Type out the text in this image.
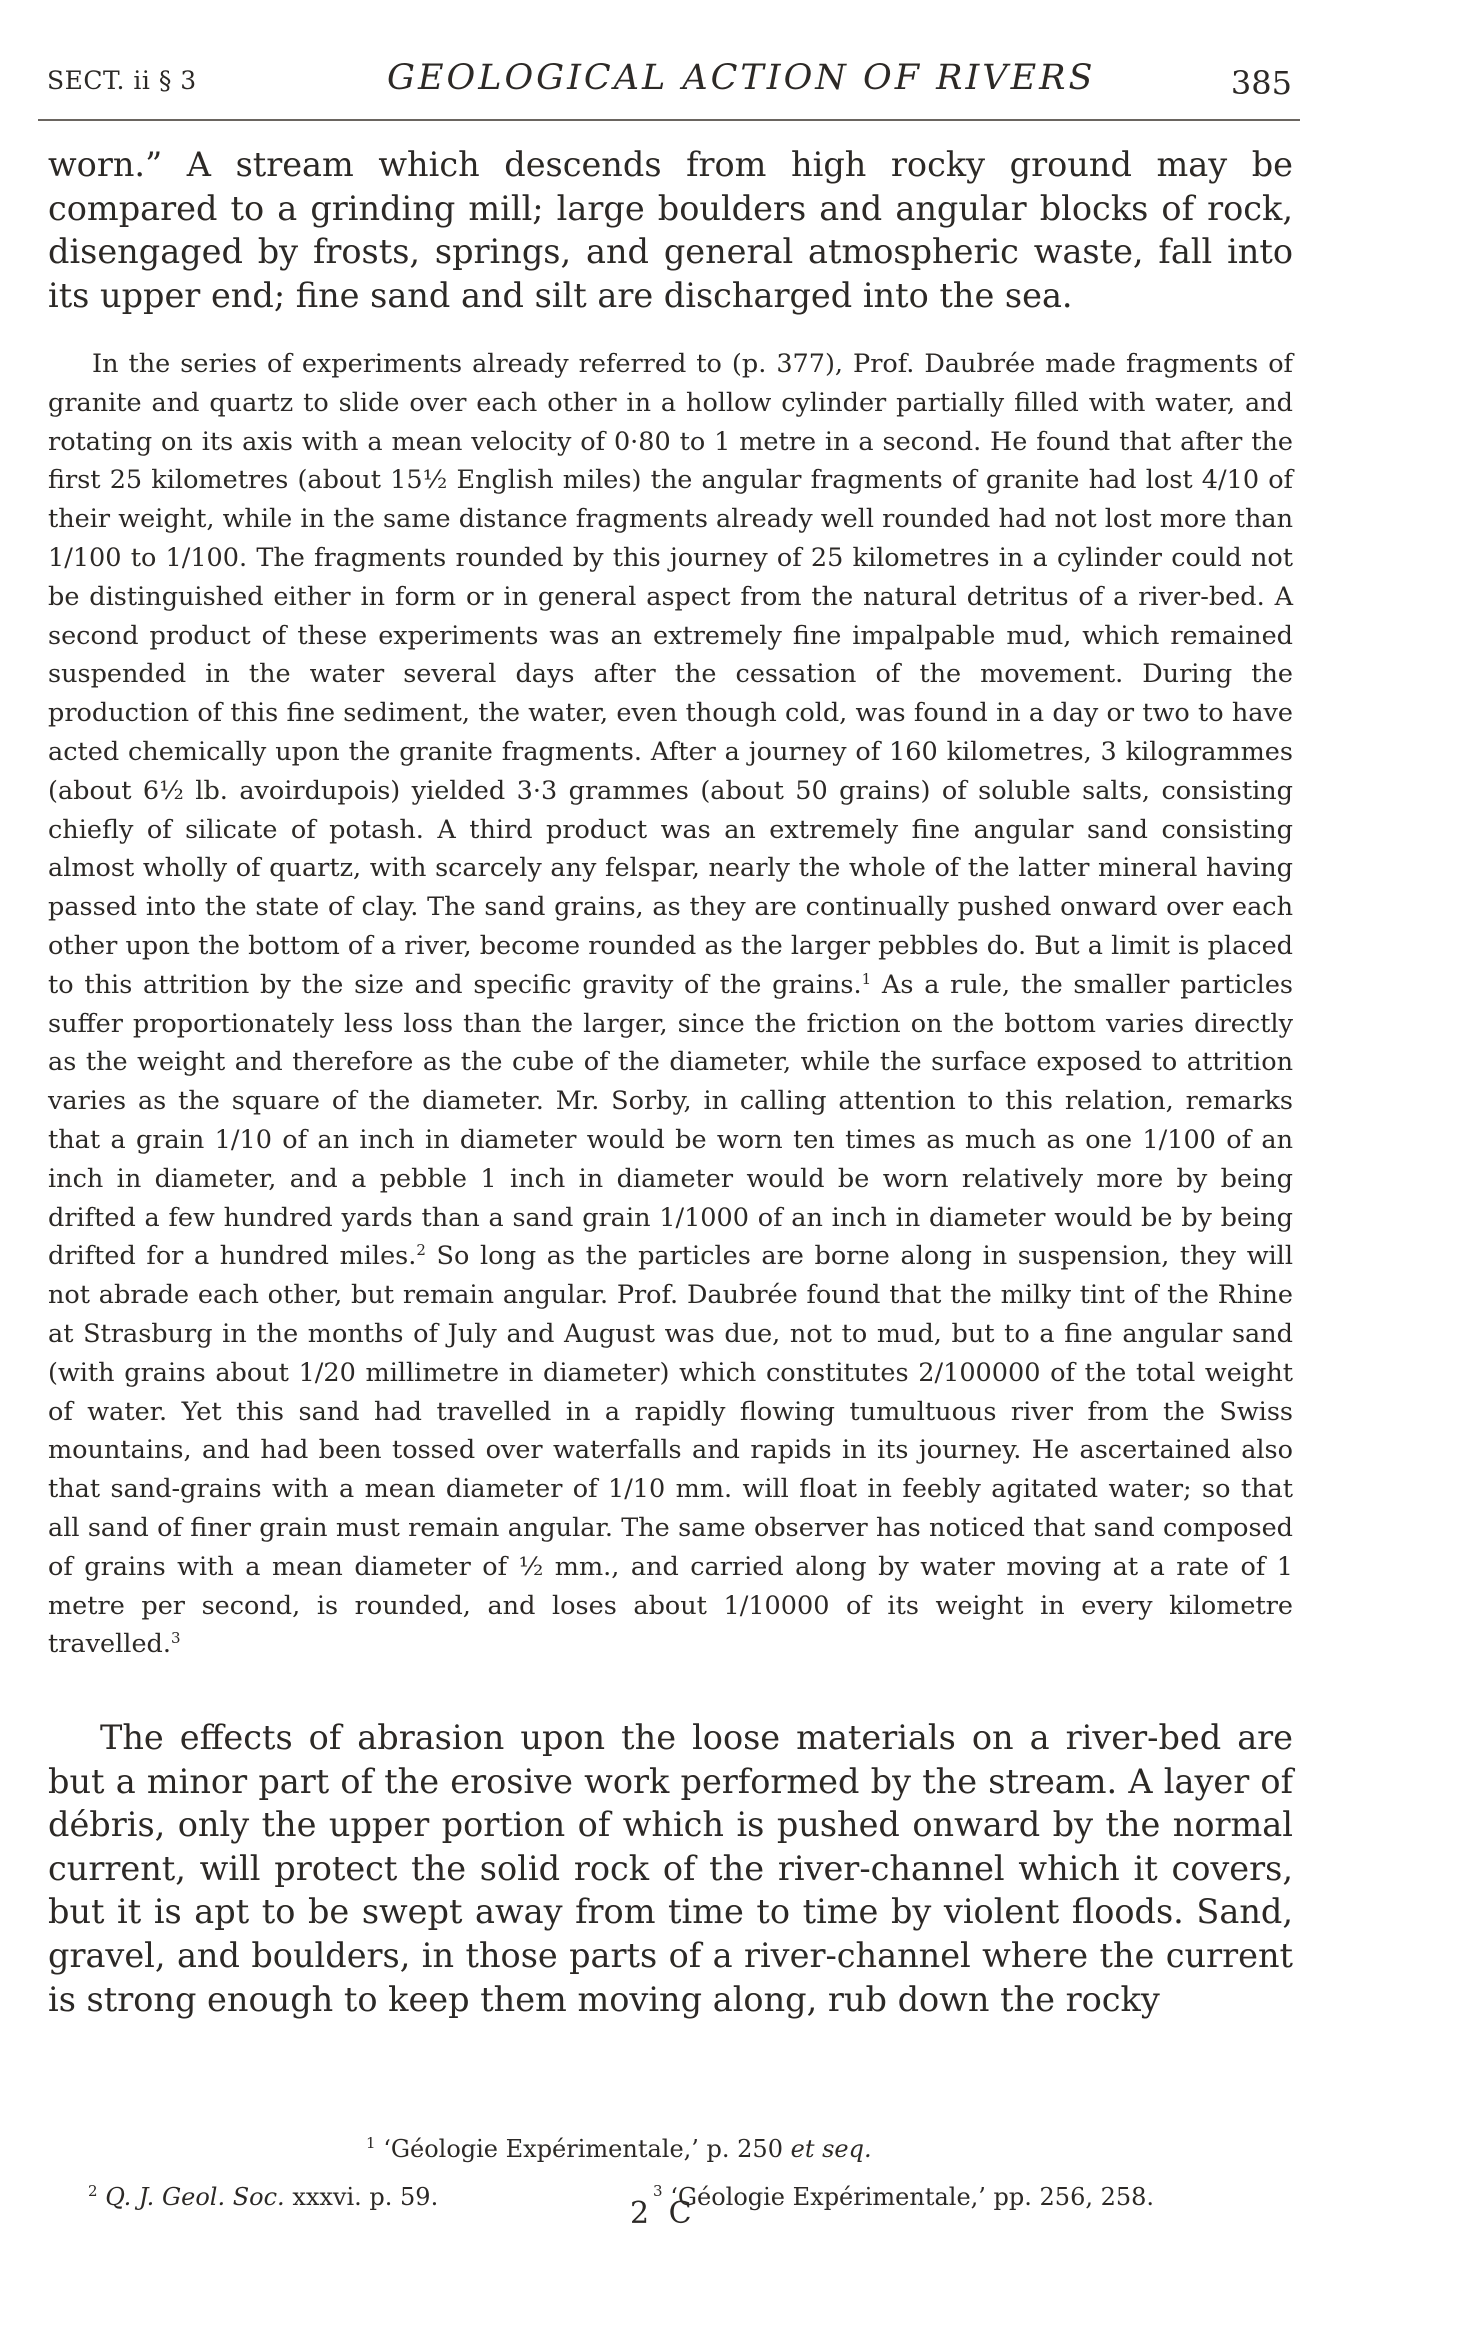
SECT. ii § 3	GEOLOGICAL ACTION OF RIVERS	385

worn.” A stream which descends from high rocky ground may be compared to a grinding mill; large boulders and angular blocks of rock, disengaged by frosts, springs, and general atmospheric waste, fall into its upper end; fine sand and silt are discharged into the sea.

In the series of experiments already referred to (p. 377), Prof. Daubrée made fragments of granite and quartz to slide over each other in a hollow cylinder partially filled with water, and rotating on its axis with a mean velocity of 0·80 to 1 metre in a second. He found that after the first 25 kilometres (about 15½ English miles) the angular fragments of granite had lost 4/10 of their weight, while in the same distance fragments already well rounded had not lost more than 1/100 to 1/100. The fragments rounded by this journey of 25 kilometres in a cylinder could not be distinguished either in form or in general aspect from the natural detritus of a river-bed. A second product of these experiments was an extremely fine impalpable mud, which remained suspended in the water several days after the cessation of the movement. During the production of this fine sediment, the water, even though cold, was found in a day or two to have acted chemically upon the granite fragments. After a journey of 160 kilometres, 3 kilogrammes (about 6½ lb. avoirdupois) yielded 3·3 grammes (about 50 grains) of soluble salts, consisting chiefly of silicate of potash. A third product was an extremely fine angular sand consisting almost wholly of quartz, with scarcely any felspar, nearly the whole of the latter mineral having passed into the state of clay. The sand grains, as they are continually pushed onward over each other upon the bottom of a river, become rounded as the larger pebbles do. But a limit is placed to this attrition by the size and specific gravity of the grains.$^1$ As a rule, the smaller particles suffer proportionately less loss than the larger, since the friction on the bottom varies directly as the weight and therefore as the cube of the diameter, while the surface exposed to attrition varies as the square of the diameter. Mr. Sorby, in calling attention to this relation, remarks that a grain 1/10 of an inch in diameter would be worn ten times as much as one 1/100 of an inch in diameter, and a pebble 1 inch in diameter would be worn relatively more by being drifted a few hundred yards than a sand grain 1/1000 of an inch in diameter would be by being drifted for a hundred miles.$^2$ So long as the particles are borne along in suspension, they will not abrade each other, but remain angular. Prof. Daubrée found that the milky tint of the Rhine at Strasburg in the months of July and August was due, not to mud, but to a fine angular sand (with grains about 1/20 millimetre in diameter) which constitutes 2/100000 of the total weight of water. Yet this sand had travelled in a rapidly flowing tumultuous river from the Swiss mountains, and had been tossed over waterfalls and rapids in its journey. He ascertained also that sand-grains with a mean diameter of 1/10 mm. will float in feebly agitated water; so that all sand of finer grain must remain angular. The same observer has noticed that sand composed of grains with a mean diameter of ½ mm., and carried along by water moving at a rate of 1 metre per second, is rounded, and loses about 1/10000 of its weight in every kilometre travelled.$^3$

The effects of abrasion upon the loose materials on a river-bed are but a minor part of the erosive work performed by the stream. A layer of débris, only the upper portion of which is pushed onward by the normal current, will protect the solid rock of the river-channel which it covers, but it is apt to be swept away from time to time by violent floods. Sand, gravel, and boulders, in those parts of a river-channel where the current is strong enough to keep them moving along, rub down the rocky

$^1$ ‘Géologie Expérimentale,’ p. 250 et seq.
$^2$ Q. J. Geol. Soc. xxxvi. p. 59.	$^3$ ‘Géologie Expérimentale,’ pp. 256, 258.
2 C
